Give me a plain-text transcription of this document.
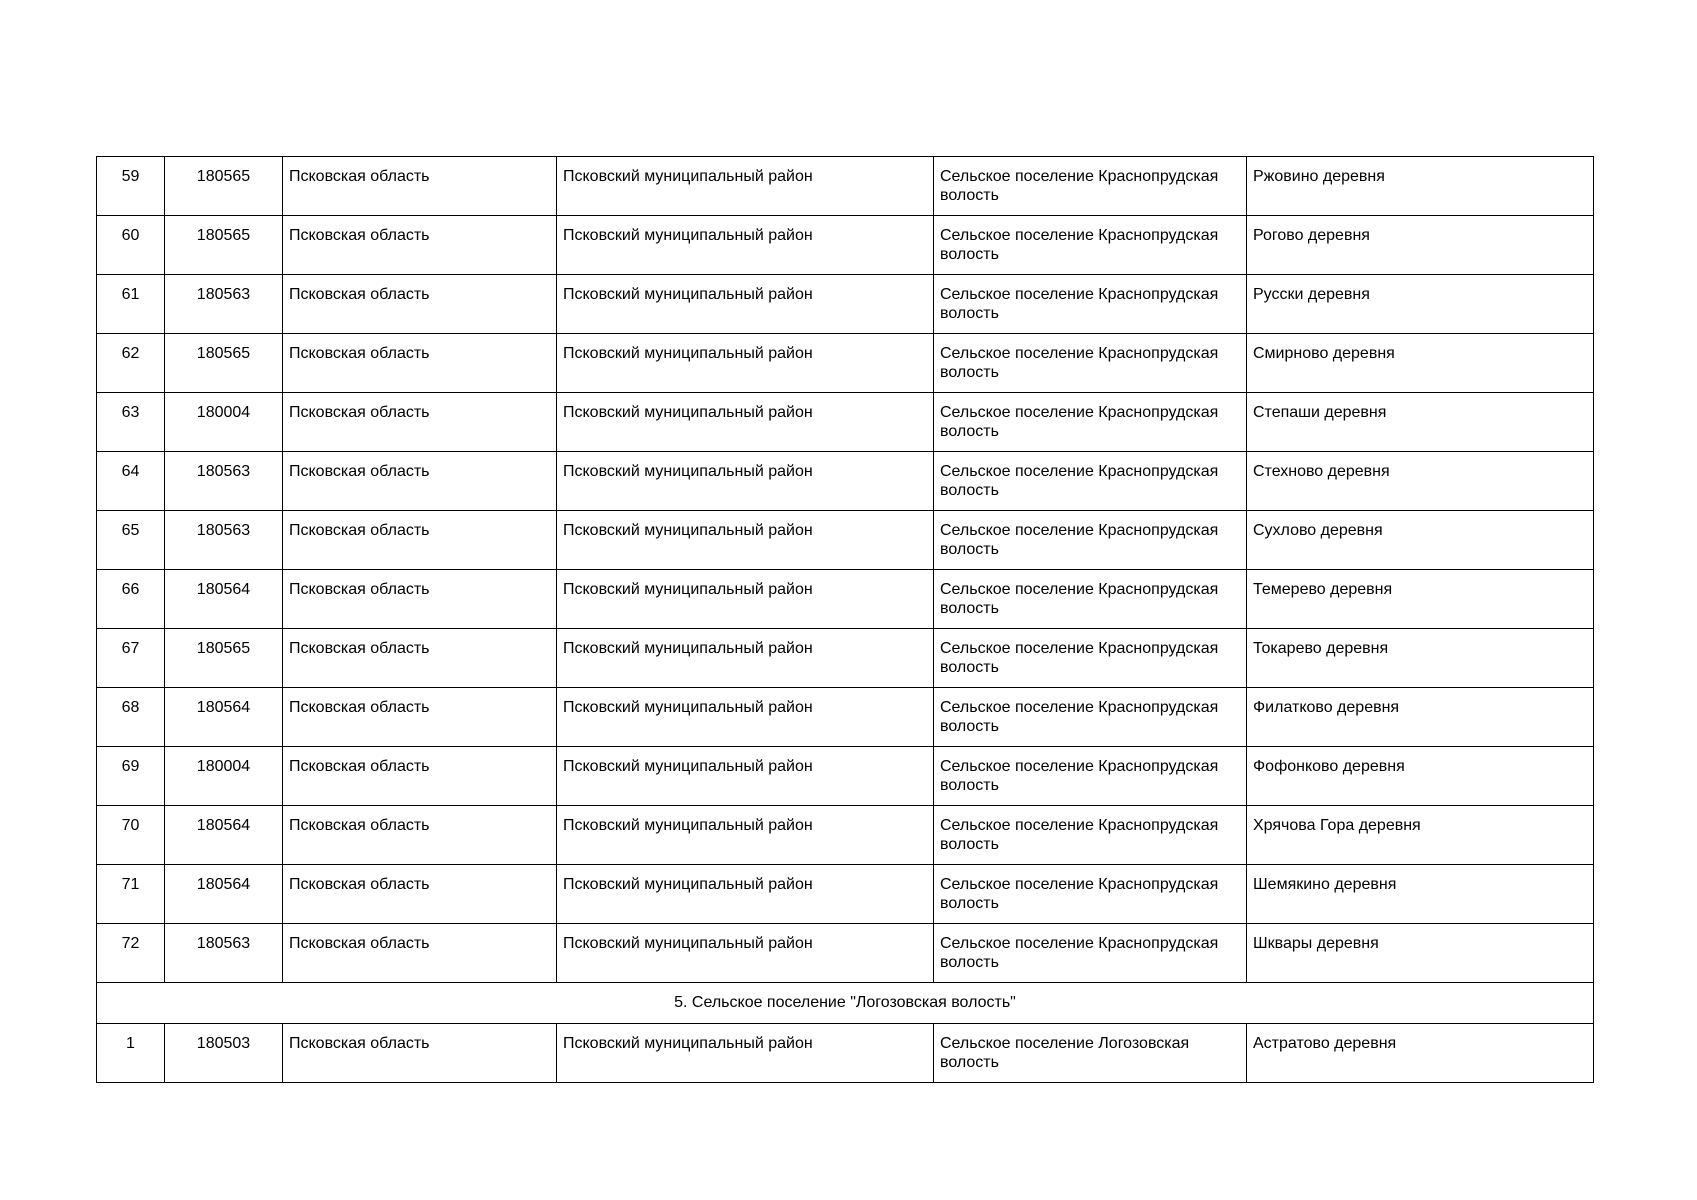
59	180565	Псковская область	Псковский муниципальный район	Сельское поселение Краснопрудская волость	Ржовино деревня
60	180565	Псковская область	Псковский муниципальный район	Сельское поселение Краснопрудская волость	Рогово деревня
61	180563	Псковская область	Псковский муниципальный район	Сельское поселение Краснопрудская волость	Русски деревня
62	180565	Псковская область	Псковский муниципальный район	Сельское поселение Краснопрудская волость	Смирново деревня
63	180004	Псковская область	Псковский муниципальный район	Сельское поселение Краснопрудская волость	Степаши деревня
64	180563	Псковская область	Псковский муниципальный район	Сельское поселение Краснопрудская волость	Стехново деревня
65	180563	Псковская область	Псковский муниципальный район	Сельское поселение Краснопрудская волость	Сухлово деревня
66	180564	Псковская область	Псковский муниципальный район	Сельское поселение Краснопрудская волость	Темерево деревня
67	180565	Псковская область	Псковский муниципальный район	Сельское поселение Краснопрудская волость	Токарево деревня
68	180564	Псковская область	Псковский муниципальный район	Сельское поселение Краснопрудская волость	Филатково деревня
69	180004	Псковская область	Псковский муниципальный район	Сельское поселение Краснопрудская волость	Фофонково деревня
70	180564	Псковская область	Псковский муниципальный район	Сельское поселение Краснопрудская волость	Хрячова Гора деревня
71	180564	Псковская область	Псковский муниципальный район	Сельское поселение Краснопрудская волость	Шемякино деревня
72	180563	Псковская область	Псковский муниципальный район	Сельское поселение Краснопрудская волость	Шквары деревня
5. Сельское поселение "Логозовская волость"					
1	180503	Псковская область	Псковский муниципальный район	Сельское поселение Логозовская волость	Астратово деревня
